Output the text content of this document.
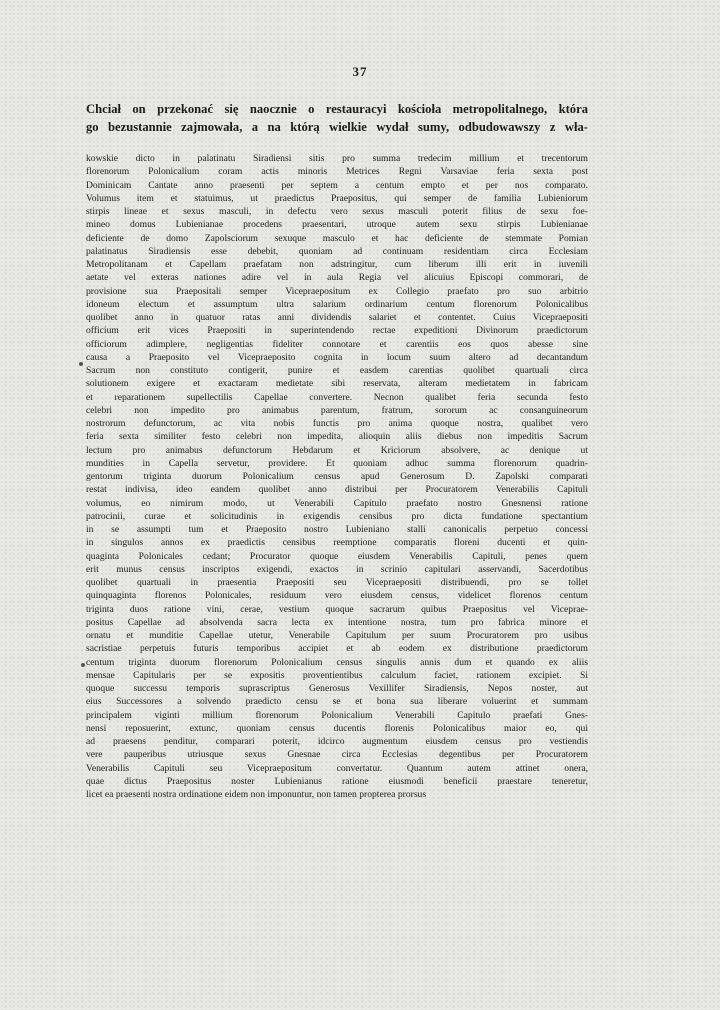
37
Chciał on przekonać się naocznie o restauracyi kościoła metropolitalnego, która
go bezustannie zajmowała, a na którą wielkie wydał sumy, odbudowawszy z wła-
kowskie dicto in palatinatu Siradiensi sitis pro summa tredecim millium et trecentorum
florenorum Polonicalium coram actis minoris Metrices Regni Varsaviae feria sexta post
Dominicam Cantate anno praesenti per septem a centum empto et per nos comparato.
Volumus item et statuimus, ut praedictus Praepositus, qui semper de familia Lubieniorum
stirpis lineae et sexus masculi, in defectu vero sexus masculi poterit filius de sexu foe-
mineo domus Lubienianae procedens praesentari, utroque autem sexu stirpis Lubienianae
deficiente de domo Zapolsciorum sexuque masculo et hac deficiente de stemmate Pomian
palatinatus Siradiensis esse debebit, quoniam ad continuam residentiam circa Ecclesiam
Metropolitanam et Capellam praefatam non adstringitur, cum liberum illi erit in iuvenili
aetate vel exteras nationes adire vel in aula Regia vel alicuius Episcopi commorari, de
provisione sua Praepositali semper Vicepraepositum ex Collegio praefato pro suo arbitrio
idoneum electum et assumptum ultra salarium ordinarium centum florenorum Polonicalibus
quolibet anno in quatuor ratas anni dividendis salariet et contentet. Cuius Vicepraepositi
officium erit vices Praepositi in superintendendo rectae expeditioni Divinorum praedictorum
officiorum adimplere, negligentias fideliter connotare et carentiis eos quos abesse sine
causa a Praeposito vel Vicepraeposito cognita in locum suum altero ad decantandum
Sacrum non constituto contigerit, punire et easdem carentias quolibet quartuali circa
solutionem exigere et exactaram medietate sibi reservata, alteram medietatem in fabricam
et reparationem supellectilis Capellae convertere. Necnon qualibet feria secunda festo
celebri non impedito pro animabus parentum, fratrum, sororum ac consanguineorum
nostrorum defunctorum, ac vita nobis functis pro anima quoque nostra, qualibet vero
feria sexta similiter festo celebri non impedita, alioquin aliis diebus non impeditis Sacrum
lectum pro animabus defunctorum Hebdarum et Kriciorum absolvere, ac denique ut
mundities in Capella servetur, providere. Et quoniam adhuc summa florenorum quadrin-
gentorum triginta duorum Polonicalium census apud Generosum D. Zapolski comparati
restat indivisa, ideo eandem quolibet anno distribui per Procuratorem Venerabilis Capituli
volumus, eo nimirum modo, ut Venerabili Capitulo praefato nostro Gnesnensi ratione
patrocinii, curae et solicitudinis in exigendis censibus pro dicta fundatione spectantium
in se assumpti tum et Praeposito nostro Lubieniano stalli canonicalis perpetuo concessi
in singulos annos ex praedictis censibus reemptione comparatis floreni ducenti et quin-
quaginta Polonicales cedant; Procurator quoque eiusdem Venerabilis Capituli, penes quem
erit munus census inscriptos exigendi, exactos in scrinio capitulari asservandi, Sacerdotibus
quolibet quartuali in praesentia Praepositi seu Vicepraepositi distribuendi, pro se tollet
quinquaginta florenos Polonicales, residuum vero eiusdem census, videlicet florenos centum
triginta duos ratione vini, cerae, vestium quoque sacrarum quibus Praepositus vel Viceprae-
positus Capellae ad absolvenda sacra lecta ex intentione nostra, tum pro fabrica minore et
ornatu et munditie Capellae utetur, Venerabile Capitulum per suum Procuratorem pro usibus
sacristiae perpetuis futuris temporibus accipiet et ab eodem ex distributione praedictorum
centum triginta duorum florenorum Polonicalium census singulis annis dum et quando ex aliis
mensae Capitularis per se expositis proventientibus calculum faciet, rationem excipiet. Si
quoque successu temporis suprascriptus Generosus Vexillifer Siradiensis, Nepos noster, aut
eius Successores a solvendo praedicto censu se et bona sua liberare voluerint et summam
principalem viginti millium florenorum Polonicalium Venerabili Capitulo praefati Gnes-
nensi reposuerint, extunc, quoniam census ducentis florenis Polonicalibus maior eo, qui
ad praesens penditur, comparari poterit, idcirco augmentum eiusdem census pro vestiendis
vere pauperibus utriusque sexus Gnesnae circa Ecclesias degentibus per Procuratorem
Venerabilis Capituli seu Vicepraepositum convertatur. Quantum autem attinet onera,
quae dictus Praepositus noster Lubienianus ratione eiusmodi beneficii praestare teneretur,
licet ea praesenti nostra ordinatione eidem non imponuntur, non tamen propterea prorsus
